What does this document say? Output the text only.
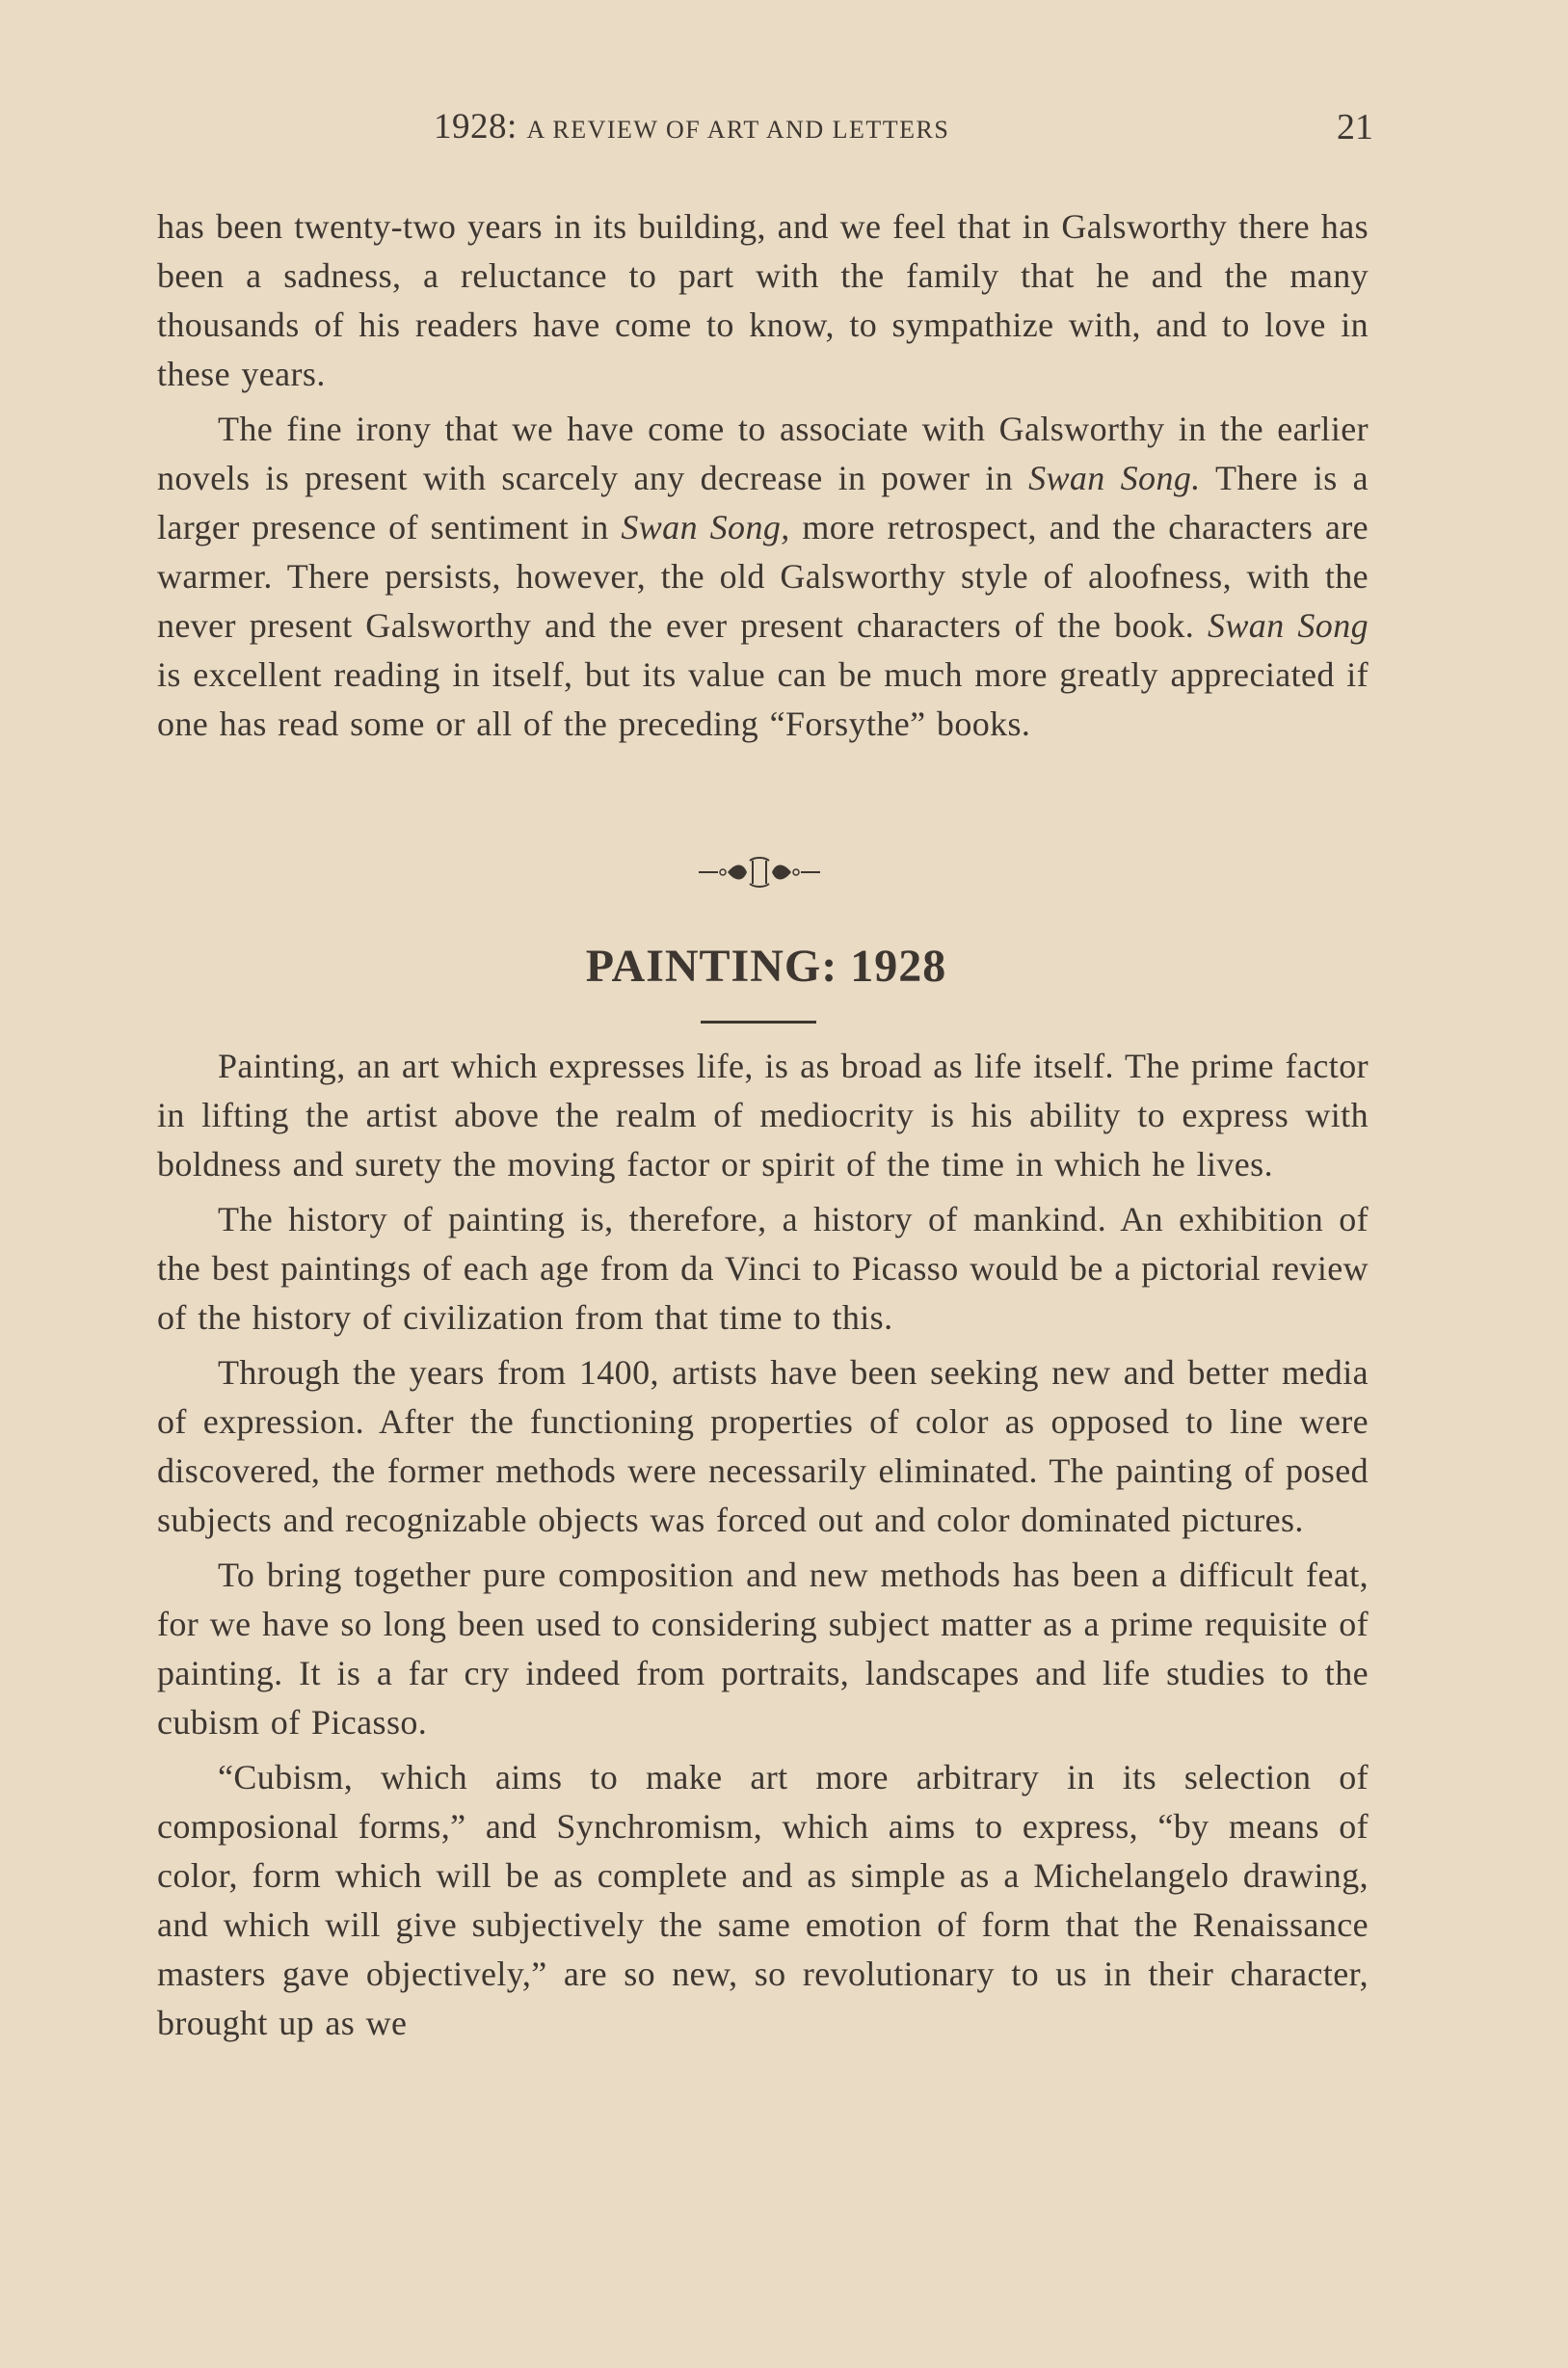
1928: A REVIEW OF ART AND LETTERS	21

has been twenty-two years in its building, and we feel that in Galsworthy there has been a sadness, a reluctance to part with the family that he and the many thousands of his readers have come to know, to sympathize with, and to love in these years.

The fine irony that we have come to associate with Galsworthy in the earlier novels is present with scarcely any decrease in power in Swan Song. There is a larger presence of sentiment in Swan Song, more retrospect, and the characters are warmer. There persists, however, the old Galsworthy style of aloofness, with the never present Galsworthy and the ever present characters of the book. Swan Song is excellent reading in itself, but its value can be much more greatly appreciated if one has read some or all of the preceding “Forsythe” books.

PAINTING: 1928

Painting, an art which expresses life, is as broad as life itself. The prime factor in lifting the artist above the realm of mediocrity is his ability to express with boldness and surety the moving factor or spirit of the time in which he lives.

The history of painting is, therefore, a history of mankind. An exhibition of the best paintings of each age from da Vinci to Picasso would be a pictorial review of the history of civilization from that time to this.

Through the years from 1400, artists have been seeking new and better media of expression. After the functioning properties of color as opposed to line were discovered, the former methods were necessarily eliminated. The painting of posed subjects and recognizable objects was forced out and color dominated pictures.

To bring together pure composition and new methods has been a difficult feat, for we have so long been used to considering subject matter as a prime requisite of painting. It is a far cry indeed from portraits, landscapes and life studies to the cubism of Picasso.

“Cubism, which aims to make art more arbitrary in its selection of composional forms,” and Synchromism, which aims to express, “by means of color, form which will be as complete and as simple as a Michelangelo drawing, and which will give subjectively the same emotion of form that the Renaissance masters gave objectively,” are so new, so revolutionary to us in their character, brought up as we
